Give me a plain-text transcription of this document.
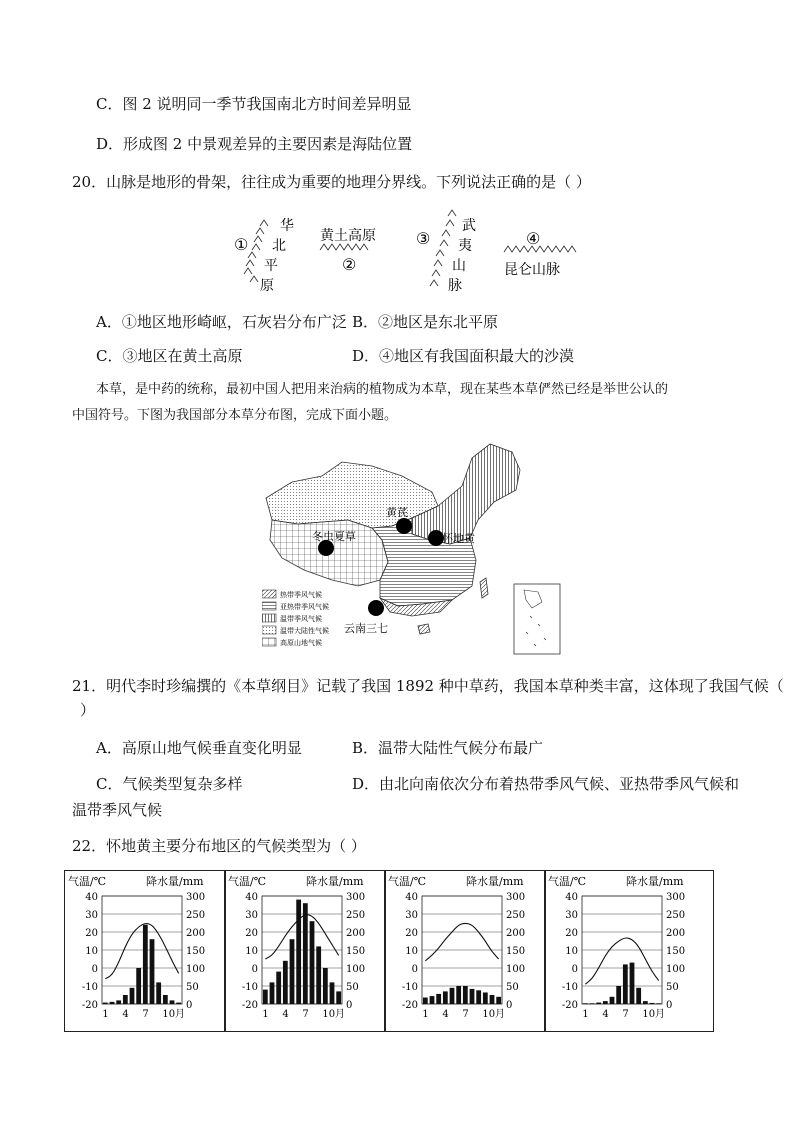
C．图 2 说明同一季节我国南北方时间差异明显
D．形成图 2 中景观差异的主要因素是海陆位置
20．山脉是地形的骨架，往往成为重要的地理分界线。下列说法正确的是（ ）
①
华
北
平
原
黄土高原
②
③
武
夷
山
脉
④
昆仑山脉
A．①地区地形崎岖，石灰岩分布广泛 B．②地区是东北平原
C．③地区在黄土高原	D．④地区有我国面积最大的沙漠
本草，是中药的统称，最初中国人把用来治病的植物成为本草，现在某些本草俨然已经是举世公认的
中国符号。下图为我国部分本草分布图，完成下面小题。
黄芪
冬虫夏草	怀地黄
云南三七
热带季风气候
亚热带季风气候
温带季风气候
温带大陆性气候
高原山地气候
21．明代李时珍编撰的《本草纲目》记载了我国 1892 种中草药，我国本草种类丰富，这体现了我国气候（
）
A．高原山地气候垂直变化明显	B．温带大陆性气候分布最广
C．气候类型复杂多样	D．由北向南依次分布着热带季风气候、亚热带季风气候和
温带季风气候
22．怀地黄主要分布地区的气候类型为（ ）
气温/℃	降水量/mm
40
30
20
10
0
-10
-20
300
250
200
150
100
50
0
1 4 7 10月
气温/℃	降水量/mm
40
30
20
10
0
-10
-20
300
250
200
150
100
50
0
1 4 7 10月
气温/℃	降水量/mm
40
30
20
10
0
-10
-20
300
250
200
150
100
50
0
1 4 7 10月
气温/℃	降水量/mm
40
30
20
10
0
-10
-20
300
250
200
150
100
50
0
1 4 7 10月
